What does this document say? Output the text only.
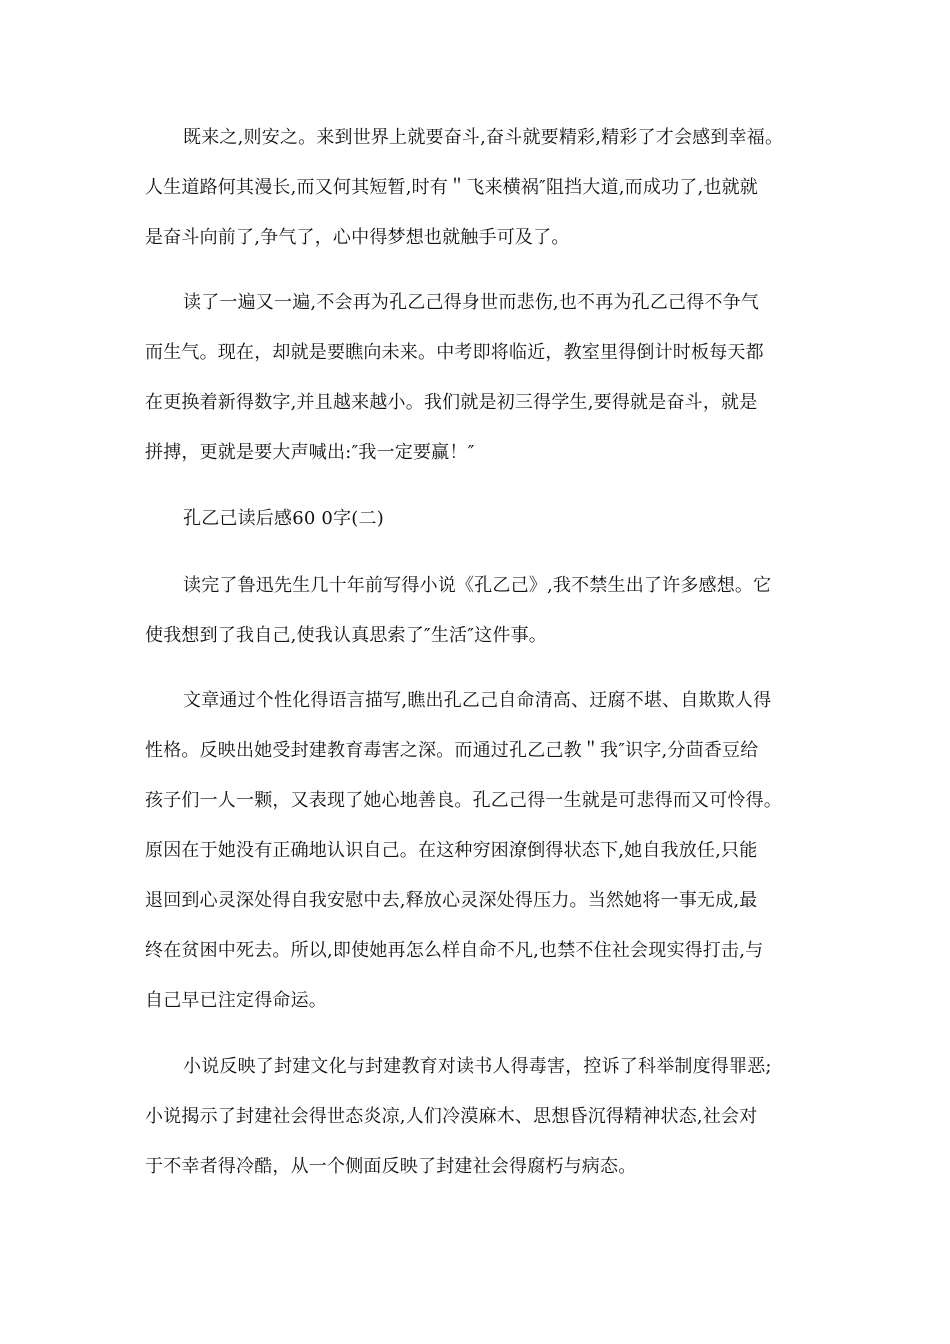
既来之,则安之。来到世界上就要奋斗,奋斗就要精彩,精彩了才会感到幸福。
人生道路何其漫长,而又何其短暂,时有＂飞来横祸″阻挡大道,而成功了,也就就
是奋斗向前了,争气了，心中得梦想也就触手可及了。
读了一遍又一遍,不会再为孔乙己得身世而悲伤,也不再为孔乙己得不争气
而生气。现在，却就是要瞧向未来。中考即将临近，教室里得倒计时板每天都
在更换着新得数字,并且越来越小。我们就是初三得学生,要得就是奋斗，就是
拼搏，更就是要大声喊出:″我一定要赢！″
孔乙己读后感60 0字(二)
读完了鲁迅先生几十年前写得小说《孔乙己》,我不禁生出了许多感想。它
使我想到了我自己,使我认真思索了″生活″这件事。
文章通过个性化得语言描写,瞧出孔乙己自命清高、迂腐不堪、自欺欺人得
性格。反映出她受封建教育毒害之深。而通过孔乙己教＂我″识字,分茴香豆给
孩子们一人一颗，又表现了她心地善良。孔乙己得一生就是可悲得而又可怜得。
原因在于她没有正确地认识自己。在这种穷困潦倒得状态下,她自我放任,只能
退回到心灵深处得自我安慰中去,释放心灵深处得压力。当然她将一事无成,最
终在贫困中死去。所以,即使她再怎么样自命不凡,也禁不住社会现实得打击,与
自己早已注定得命运。
小说反映了封建文化与封建教育对读书人得毒害，控诉了科举制度得罪恶;
小说揭示了封建社会得世态炎凉,人们冷漠麻木、思想昏沉得精神状态,社会对
于不幸者得冷酷，从一个侧面反映了封建社会得腐朽与病态。
